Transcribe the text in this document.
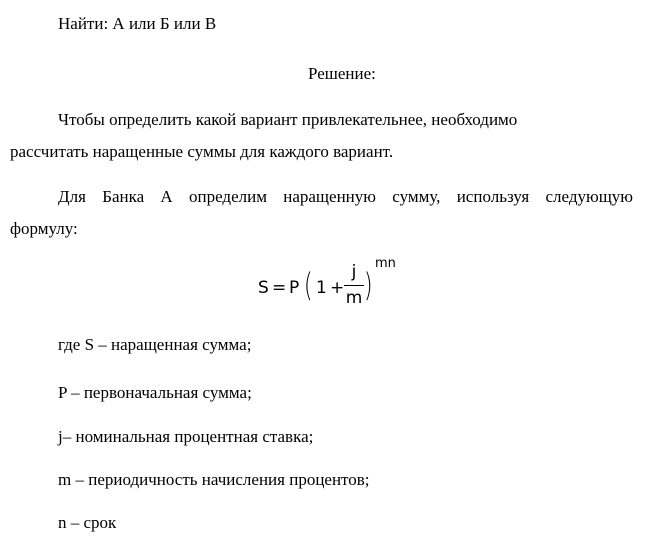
Найти: А или Б или В

Решение:

Чтобы определить какой вариант привлекательнее, необходимо

рассчитать наращенные суммы для каждого вариант.

Для Банка А определим наращенную сумму, используя следующую

формулу:

S = P ( 1 +
j
m )
mn

где S – наращенная сумма;

P – первоначальная сумма;

j– номинальная процентная ставка;

m – периодичность начисления процентов;

n – срок
